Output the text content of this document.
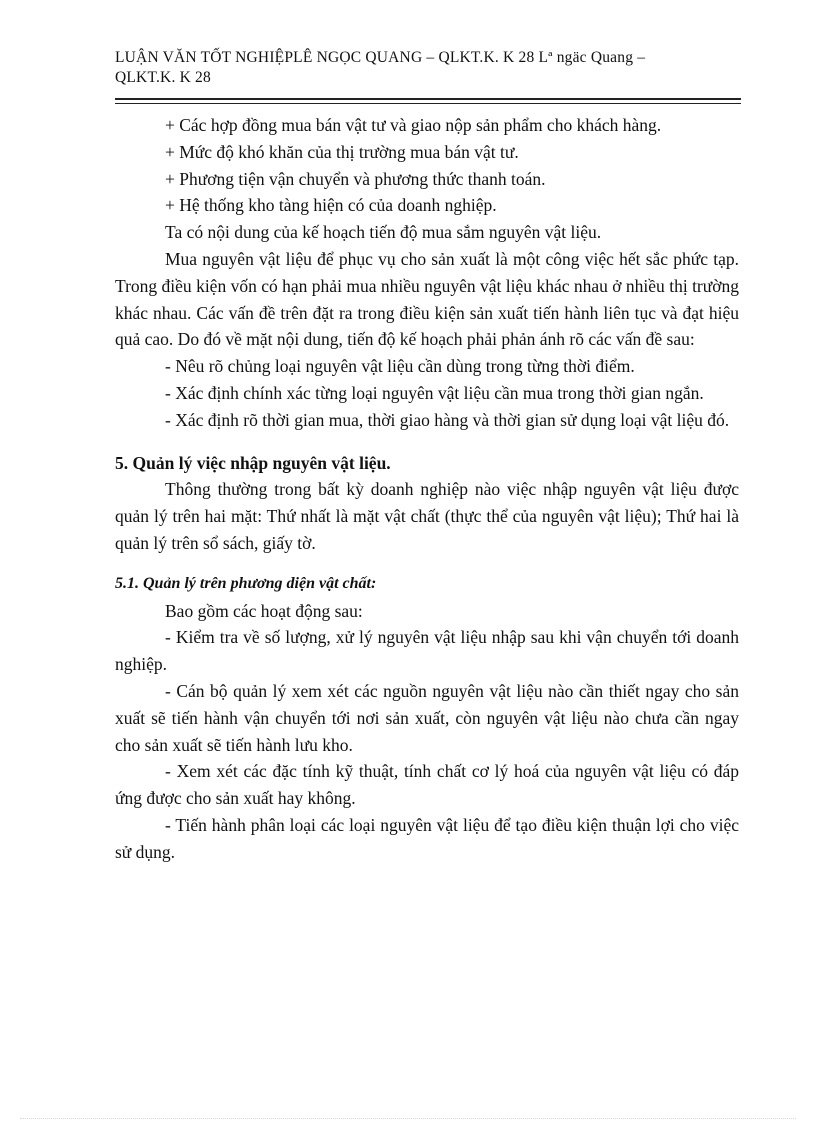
LUẬN VĂN TỐT NGHIỆPLÊ NGỌC QUANG – QLKT.K. K 28 Lª ngäc Quang –

QLKT.K. K 28

+ Các hợp đồng mua bán vật tư và giao nộp sản phẩm cho khách hàng.

+ Mức độ khó khăn của thị trường mua bán vật tư.

+ Phương tiện vận chuyển và phương thức thanh toán.

+ Hệ thống kho tàng hiện có của doanh nghiệp.

Ta có nội dung của kế hoạch tiến độ mua sắm nguyên vật liệu.

Mua nguyên vật liệu để phục vụ cho sản xuất là một công việc hết sắc phức tạp. Trong điều kiện vốn có hạn phải mua nhiều nguyên vật liệu khác nhau ở nhiều thị trường khác nhau. Các vấn đề trên đặt ra trong điều kiện sản xuất tiến hành liên tục và đạt hiệu quả cao. Do đó về mặt nội dung, tiến độ kế hoạch phải phản ánh rõ các vấn đề sau:

- Nêu rõ chủng loại nguyên vật liệu cần dùng trong từng thời điểm.

- Xác định chính xác từng loại nguyên vật liệu cần mua trong thời gian ngắn.

- Xác định rõ thời gian mua, thời giao hàng và thời gian sử dụng loại vật liệu đó.

5. Quản lý việc nhập nguyên vật liệu.

Thông thường trong bất kỳ doanh nghiệp nào việc nhập nguyên vật liệu được quản lý trên hai mặt: Thứ nhất là mặt vật chất (thực thể của nguyên vật liệu); Thứ hai là quản lý trên sổ sách, giấy tờ.

5.1. Quản lý trên phương diện vật chất:

Bao gồm các hoạt động sau:

- Kiểm tra về số lượng, xử lý nguyên vật liệu nhập sau khi vận chuyển tới doanh nghiệp.

- Cán bộ quản lý xem xét các nguồn nguyên vật liệu nào cần thiết ngay cho sản xuất sẽ tiến hành vận chuyển tới nơi sản xuất, còn nguyên vật liệu nào chưa cần ngay cho sản xuất sẽ tiến hành lưu kho.

- Xem xét các đặc tính kỹ thuật, tính chất cơ lý hoá của nguyên vật liệu có đáp ứng được cho sản xuất hay không.

- Tiến hành phân loại các loại nguyên vật liệu để tạo điều kiện thuận lợi cho việc sử dụng.
